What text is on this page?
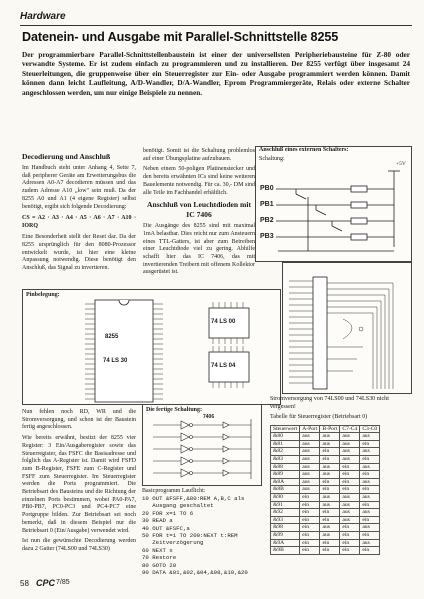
Hardware
Datenein- und Ausgabe mit Parallel-Schnittstelle 8255
Der programmierbare Parallel-Schnittstellenbaustein ist einer der universellsten Peripheriebausteine für Z-80 oder verwandte Systeme. Er ist zudem einfach zu programmieren und zu installieren. Der 8255 verfügt über insgesamt 24 Steuerleitungen, die gruppenweise über ein Steuerregister zur Ein- oder Ausgabe programmiert werden können. Damit können dann leicht Laufleitung, A/D-Wandler, D/A-Wandler, Eprom Programmiergeräte, Relais oder externe Schalter angeschlossen werden, um nur einige Beispiele zu nennen.
Decodierung und Anschluß

Im Handbuch steht unter Anhang 4, Seite 7, daß peripherer Geräte am Erweiterungsbus die Adressen A0-A7 decodieren müssen und das zudem Adresse A10 „low" sein muß. Da der 8255 A0 und A1 (4 eigene Register) selbst benötigt, ergibt sich folgende Decodierung:

CS = A2 · A3 · A4 · A5 · A6 · A7 · A10 · IORQ

Eine Besonderheit stellt der Reset dar. Da der 8255 ursprünglich für den 8080-Prozessor entwickelt wurde, ist hier eine kleine Anpassung notwendig. Diese benötigt den Anschluß, das Signal zu invertieren.

benötigt. Somit ist die Schaltung problemlos auf einer Übungsplatine aufzubauen.

Neben einem 50-poligen Platinenstecker und den bereits erwähnten ICs sind keine weiteren Bauelemente notwendig. Für ca. 30,- DM sind alle Teile im Fachhandel erhältlich.

Anschluß von Leuchtdioden mit IC 7406

Die Ausgänge des 8255 sind mit maximal 1mA belastbar. Dies reicht nur zum Ansteuern eines TTL-Gatters, ist aber zum Betreiben einer Leuchtdiode viel zu gering. Abhilfe schafft hier das IC 7406, das mit invertierenden Treibern mit offenem Kollektor ausgerüstet ist.

Anschluß eines externen Schalters:
Schaltung:
+5V
PB0
PB1
PB2
PB3
Pinbelegung:
8255
74 LS 30
74 LS 00
74 LS 04

Nun fehlen noch RD, WR und die Stromversorgung, und schon ist der Baustein fertig angeschlossen.

Wie bereits erwähnt, besitzt der 8255 vier Register: 3 Ein/Ausgaberegister sowie das Steuerregister, das FSFC die Basisadresse und folglich das A-Register ist. Damit wird FSFD zum B-Register, FSFE zum C-Register und FSFF zum Steuerregister. Im Steuerregister werden die Ports programmiert. Die Betriebsart des Bausteins und die Richtung der einzelnen Ports bestimmen, wobei PA0-PA7, PB0-PB7, PC0-PC3 und PC4-PC7 eine Portgruppe bilden. Zur Betriebsart sei noch bemerkt, daß in diesem Beispiel nur die Betriebsart 0 (Ein/Ausgabe) verwendet wird.

Ist nun die gewünschte Decodierung werden dazu 2 Gatter (74LS00 und 74LS30)

Die fertige Schaltung:
7406
Basicprogramm Lauflicht:
10 OUT &FSFF,&80:REM A,B,C als
Ausgang geschaltet
20 FOR x=1 TO 6
30 READ a
40 OUT &FSFC,a
50 FOR t=1 TO 200:NEXT t:REM
Zeitverzögerung
60 NEXT x
70 Restore
80 GOTO 20
90 DATA &01,&02,&04,&08,&10,&20
Stromversorgung von 74LS00 und 74LS30 nicht vergessen!
Tabelle für Steuerregister (Betriebsart 0)
Steuerwert	A-Port	B-Port	C7-C4	C3-C0
&80	aus	aus	aus	aus
&81	aus	aus	aus	ein
&82	aus	ein	aus	aus
&83	aus	ein	aus	ein
&88	aus	aus	ein	aus
&89	aus	aus	ein	ein
&8A	aus	ein	ein	aus
&8B	aus	ein	ein	ein
&90	ein	aus	aus	aus
&91	ein	aus	aus	ein
&92	ein	ein	aus	aus
&93	ein	ein	aus	ein
&98	ein	aus	ein	aus
&99	ein	aus	ein	ein
&9A	ein	ein	ein	aus
&9B	ein	ein	ein	ein
58 CPC 7/85
